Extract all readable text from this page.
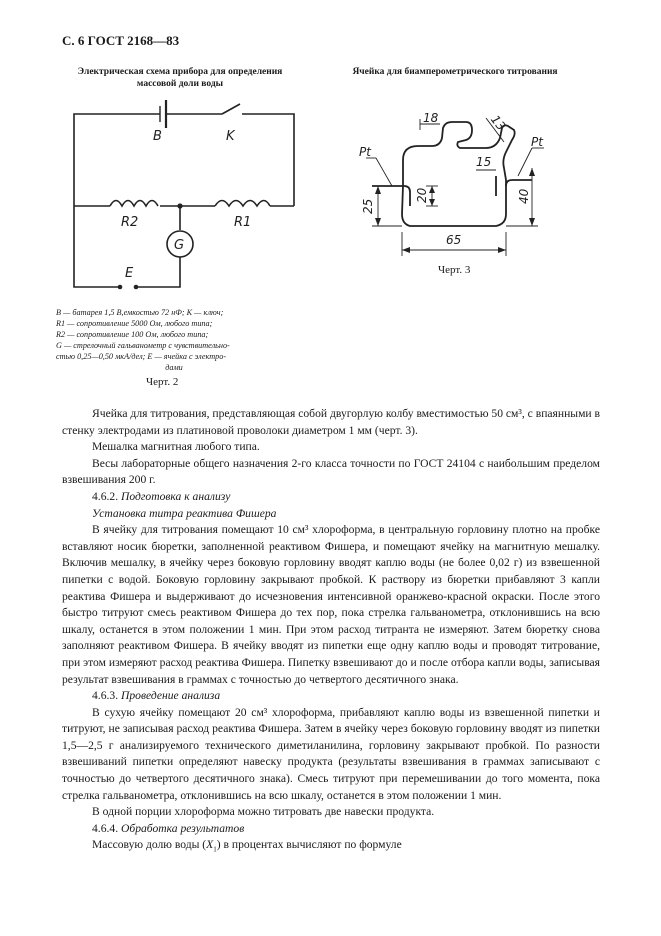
С. 6 ГОСТ 2168—83
Электрическая схема прибора для определения
массовой доли воды
Ячейка для биамперометрического титрования
B	K
R2	R1
G
E
B — батарея 1,5 В,емкостью 72 нФ; K — ключ;
R1 — сопротивление 5000 Ом, любого типа;
R2 — сопротивление 100 Ом, любого типа;
G — стрелочный гальванометр с чувствительно-
стью 0,25—0,50 мкА/дел; E — ячейка с электро-
дами
Черт. 2
18	13
Pt
Pt
15
20
25
40
65
Черт. 3

Ячейка для титрования, представляющая собой двугорлую колбу вместимостью 50 см³, с впаянными в стенку электродами из платиновой проволоки диаметром 1 мм (черт. 3).

Мешалка магнитная любого типа.

Весы лабораторные общего назначения 2-го класса точности по ГОСТ 24104 с наибольшим пределом взвешивания 200 г.

4.6.2. Подготовка к анализу

Установка титра реактива Фишера

В ячейку для титрования помещают 10 см³ хлороформа, в центральную горловину плотно на пробке вставляют носик бюретки, заполненной реактивом Фишера, и помещают ячейку на магнитную мешалку. Включив мешалку, в ячейку через боковую горловину вводят каплю воды (не более 0,02 г) из взвешенной пипетки с водой. Боковую горловину закрывают пробкой. К раствору из бюретки прибавляют 3 капли реактива Фишера и выдерживают до исчезновения интенсивной оранжево-красной окраски. После этого быстро титруют смесь реактивом Фишера до тех пор, пока стрелка гальванометра, отклонившись на всю шкалу, останется в этом положении 1 мин. При этом расход титранта не измеряют. Затем бюретку снова заполняют реактивом Фишера. В ячейку вводят из пипетки еще одну каплю воды и проводят титрование, при этом измеряют расход реактива Фишера. Пипетку взвешивают до и после отбора капли воды, записывая результат взвешивания в граммах с точностью до четвертого десятичного знака.

4.6.3. Проведение анализа

В сухую ячейку помещают 20 см³ хлороформа, прибавляют каплю воды из взвешенной пипетки и титруют, не записывая расход реактива Фишера. Затем в ячейку через боковую горловину вводят из пипетки 1,5—2,5 г анализируемого технического диметиланилина, горловину закрывают пробкой. По разности взвешиваний пипетки определяют навеску продукта (результаты взвешивания в граммах записывают с точностью до четвертого десятичного знака). Смесь титруют при перемешивании до того момента, пока стрелка гальванометра, отклонившись на всю шкалу, останется в этом положении 1 мин.

В одной порции хлороформа можно титровать две навески продукта.

4.6.4. Обработка результатов

Массовую долю воды $(X_1)$ в процентах вычисляют по формуле
